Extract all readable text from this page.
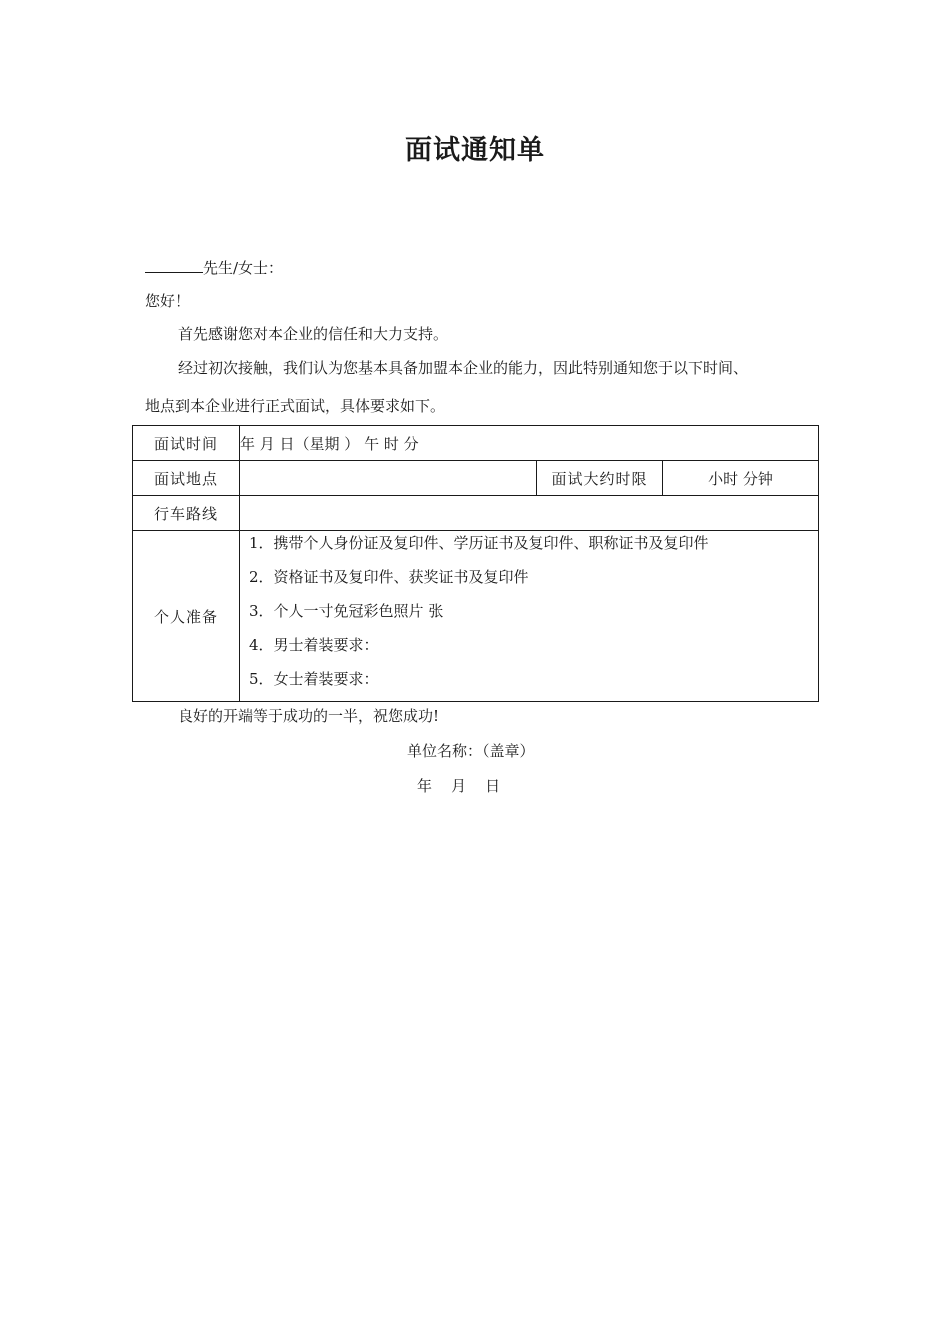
面试通知单
先生/女士：
您好！
首先感谢您对本企业的信任和大力支持。
经过初次接触，我们认为您基本具备加盟本企业的能力，因此特别通知您于以下时间、
地点到本企业进行正式面试，具体要求如下。
面试时间	年 月 日（星期 ） 午 时 分		
面试地点		面试大约时限	小时 分钟
行车路线			
个人准备	1．携带个人身份证及复印件、学历证书及复印件、职称证书及复印件
2．资格证书及复印件、获奖证书及复印件
3．个人一寸免冠彩色照片 张
4．男士着装要求：
5．女士着装要求：		
良好的开端等于成功的一半，祝您成功!
单位名称：（盖章）
年    月    日
